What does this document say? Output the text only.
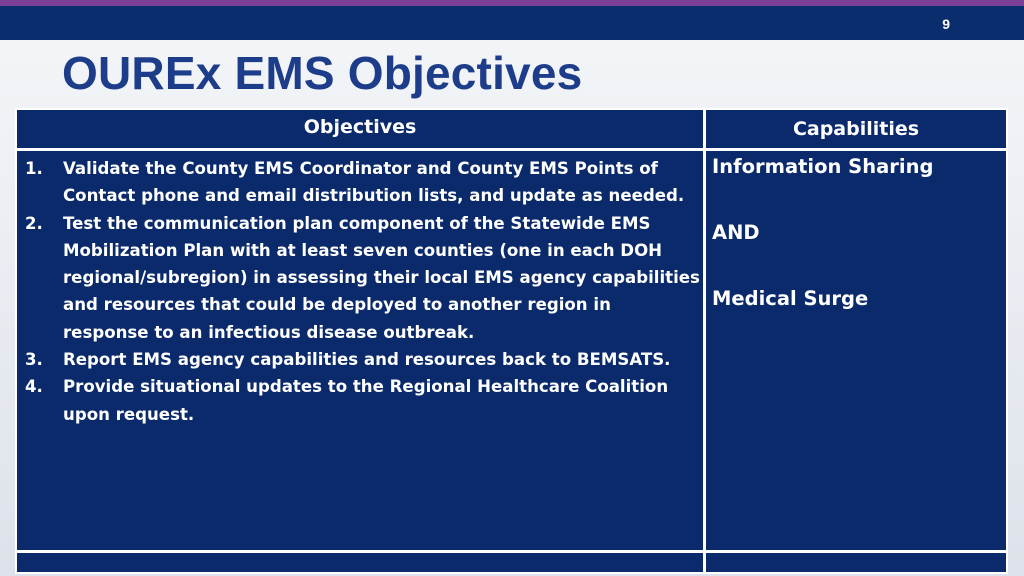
9
OUREx EMS Objectives
Objectives	Capabilities
1. Validate the County EMS Coordinator and County EMS Points of Contact phone and email distribution lists, and update as needed.
2. Test the communication plan component of the Statewide EMS Mobilization Plan with at least seven counties (one in each DOH regional/subregion) in assessing their local EMS agency capabilities and resources that could be deployed to another region in response to an infectious disease outbreak.
3. Report EMS agency capabilities and resources back to BEMSATS.
4. Provide situational updates to the Regional Healthcare Coalition upon request.
Information Sharing
AND
Medical Surge
